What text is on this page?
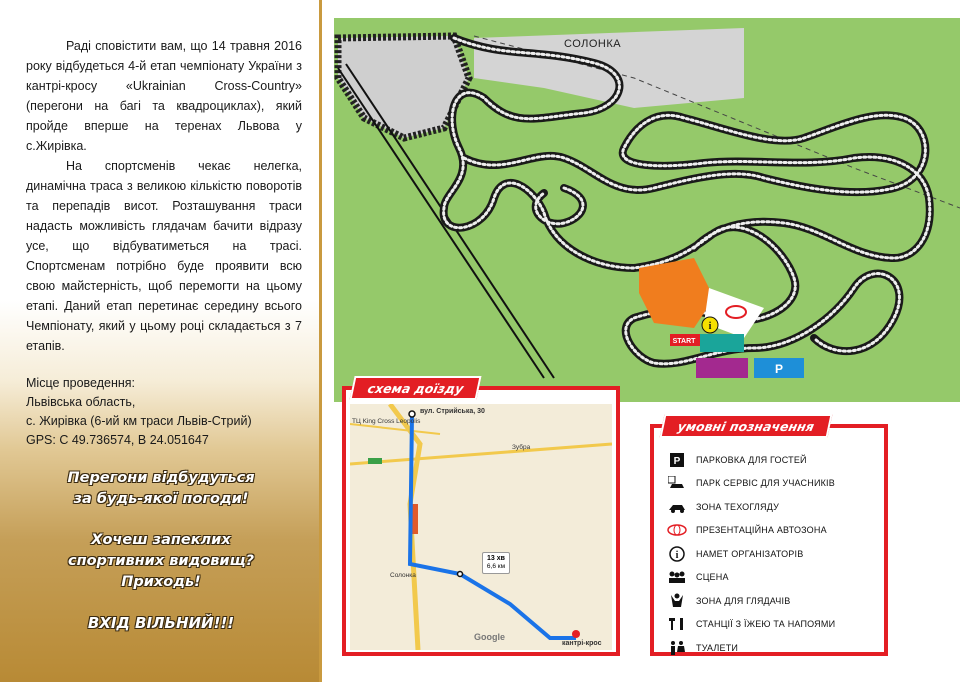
Раді сповістити вам, що 14 травня 2016 року відбудеться 4-й етап чемпіонату України з кантрі-кросу «Ukrainian Cross-Country» (перегони на багі та квадроциклах), який пройде вперше на теренах Львова у с.Жирівка.

На спортсменів чекає нелегка, динамічна траса з великою кількістю поворотів та перепадів висот. Розташування траси надасть можливість глядачам бачити відразу усе, що відбуватиметься на трасі. Спортсменам потрібно буде проявити всю свою майстерність, щоб перемогти на цьому етапі. Даний етап перетинає середину всього Чемпіонату, який у цьому році складається з 7 етапів.

Місце проведення:
Львівська область,
с. Жирівка (6-ий км траси Львів-Стрий)
GPS: С 49.736574, В 24.051647
Перегони відбудуться
за будь-якої погоди!
Хочеш запеклих
спортивних видовищ?
Приходь!
ВХІД ВІЛЬНИЙ!!!
i
START
P
СОЛОНКА
схема доїзду
вул. Стрийська, 30
ТЦ King Cross Leopolis
Зубра
Солонка
13 хв
6,6 км
кантрі-крос
Google
умовні позначення
P ПАРКОВКА ДЛЯ ГОСТЕЙ
ПАРК СЕРВІС ДЛЯ УЧАСНИКІВ
ЗОНА ТЕХОГЛЯДУ
ПРЕЗЕНТАЦІЙНА АВТОЗОНА
i НАМЕТ ОРГАНІЗАТОРІВ
СЦЕНА
ЗОНА ДЛЯ ГЛЯДАЧІВ
СТАНЦІЇ З ЇЖЕЮ ТА НАПОЯМИ
ТУАЛЕТИ
